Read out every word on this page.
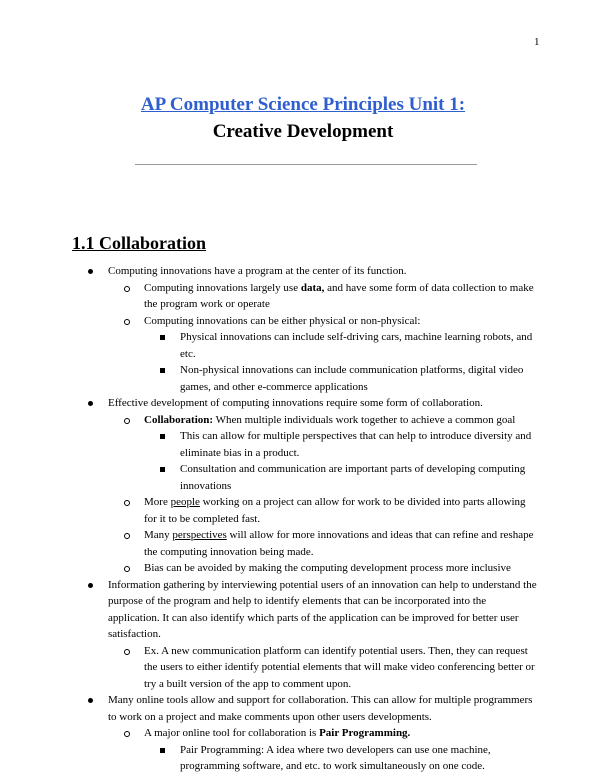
1
AP Computer Science Principles Unit 1:
Creative Development
1.1 Collaboration
Computing innovations have a program at the center of its function.
Computing innovations largely use data, and have some form of data collection to make the program work or operate
Computing innovations can be either physical or non-physical:
Physical innovations can include self-driving cars, machine learning robots, and etc.
Non-physical innovations can include communication platforms, digital video games, and other e-commerce applications
Effective development of computing innovations require some form of collaboration.
Collaboration: When multiple individuals work together to achieve a common goal
This can allow for multiple perspectives that can help to introduce diversity and eliminate bias in a product.
Consultation and communication are important parts of developing computing innovations
More people working on a project can allow for work to be divided into parts allowing for it to be completed fast.
Many perspectives will allow for more innovations and ideas that can refine and reshape the computing innovation being made.
Bias can be avoided by making the computing development process more inclusive
Information gathering by interviewing potential users of an innovation can help to understand the purpose of the program and help to identify elements that can be incorporated into the application. It can also identify which parts of the application can be improved for better user satisfaction.
Ex. A new communication platform can identify potential users. Then, they can request the users to either identify potential elements that will make video conferencing better or try a built version of the app to comment upon.
Many online tools allow and support for collaboration. This can allow for multiple programmers to work on a project and make comments upon other users developments.
A major online tool for collaboration is Pair Programming.
Pair Programming: A idea where two developers can use one machine, programming software, and etc. to work simultaneously on one code.
